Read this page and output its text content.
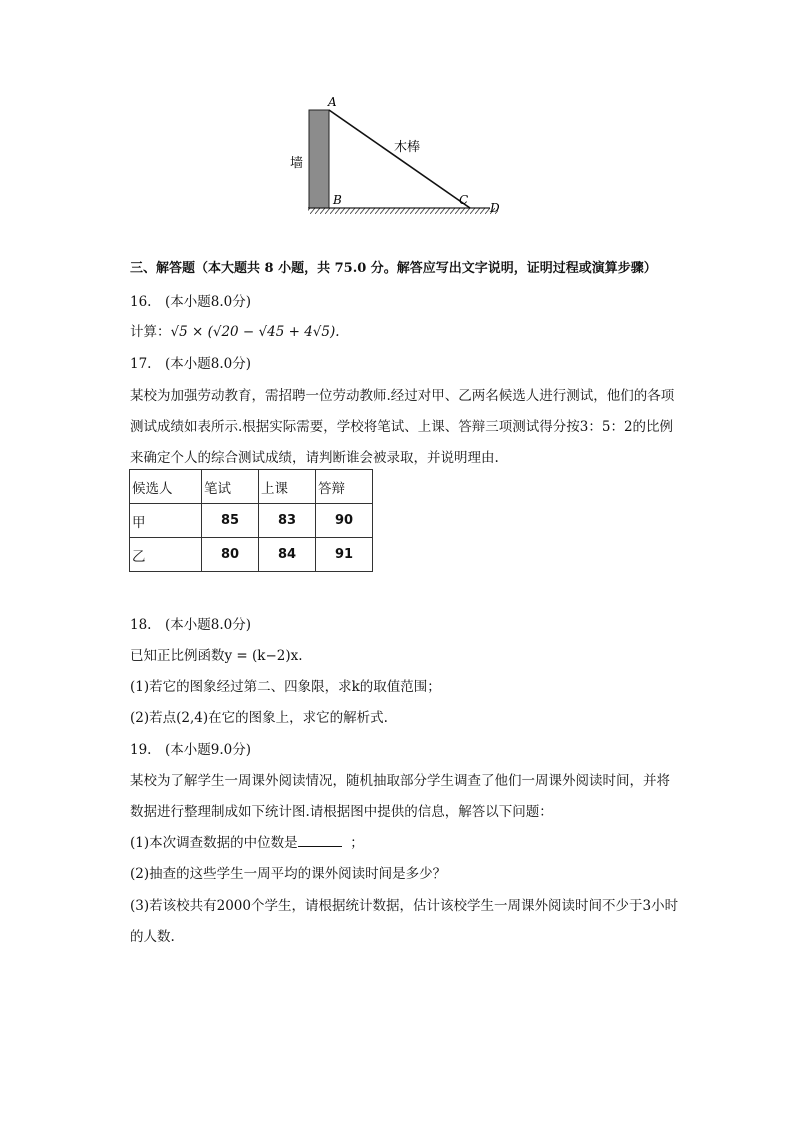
A
B	C
D
墙
木棒
三、解答题（本大题共 8 小题，共 75.0 分。解答应写出文字说明，证明过程或演算步骤）
16.　(本小题8.0分)
计算：√5 × (√20 − √45 + 4√5).
17.　(本小题8.0分)
某校为加强劳动教育，需招聘一位劳动教师.经过对甲、乙两名候选人进行测试，他们的各项
测试成绩如表所示.根据实际需要，学校将笔试、上课、答辩三项测试得分按3：5：2的比例
来确定个人的综合测试成绩，请判断谁会被录取，并说明理由.
候选人	笔试	上课	答辩
甲	85	83	90
乙	80	84	91
18.　(本小题8.0分)
已知正比例函数y = (k−2)x.
(1)若它的图象经过第二、四象限，求k的取值范围；
(2)若点(2,4)在它的图象上，求它的解析式.
19.　(本小题9.0分)
某校为了解学生一周课外阅读情况，随机抽取部分学生调查了他们一周课外阅读时间，并将
数据进行整理制成如下统计图.请根据图中提供的信息，解答以下问题：
(1)本次调查数据的中位数是	；
(2)抽查的这些学生一周平均的课外阅读时间是多少？
(3)若该校共有2000个学生，请根据统计数据，估计该校学生一周课外阅读时间不少于3小时
的人数.
